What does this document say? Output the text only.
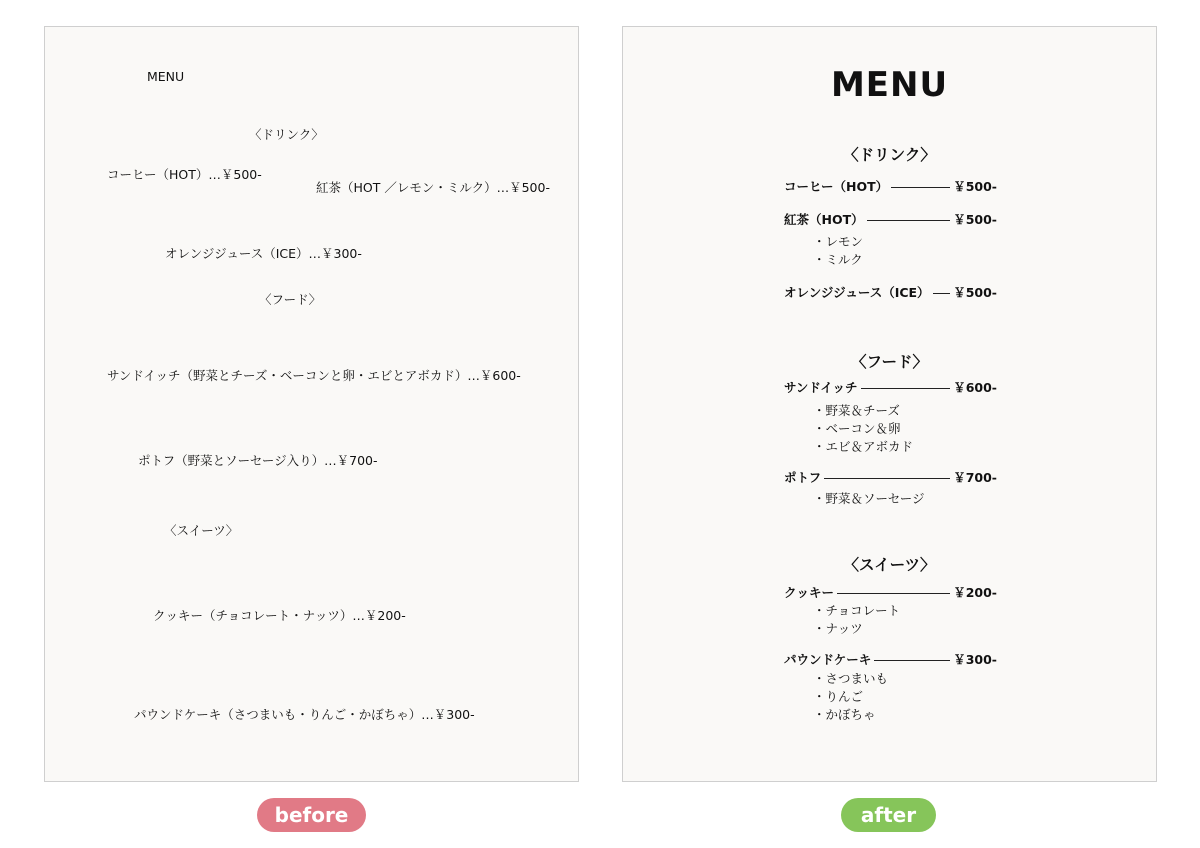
MENU
〈ドリンク〉
コーヒー（HOT）…￥500-
紅茶（HOT ／レモン・ミルク）…￥500-
オレンジジュース（ICE）…￥300-
〈フード〉
サンドイッチ（野菜とチーズ・ベーコンと卵・エビとアボカド）…￥600-
ポトフ（野菜とソーセージ入り）…￥700-
〈スイーツ〉
クッキー（チョコレート・ナッツ）…￥200-
パウンドケーキ（さつまいも・りんご・かぼちゃ）…￥300-
MENU
〈ドリンク〉
コーヒー（HOT）	￥500-
紅茶（HOT）	￥500-
・レモン
・ミルク
オレンジジュース（ICE） ￥500-
〈フード〉
サンドイッチ	￥600-
・野菜＆チーズ
・ベーコン＆卵
・エビ＆アボカド
ポトフ	￥700-
・野菜＆ソーセージ
〈スイーツ〉
クッキー	￥200-
・チョコレート
・ナッツ
パウンドケーキ	￥300-
・さつまいも
・りんご
・かぼちゃ
before	after
